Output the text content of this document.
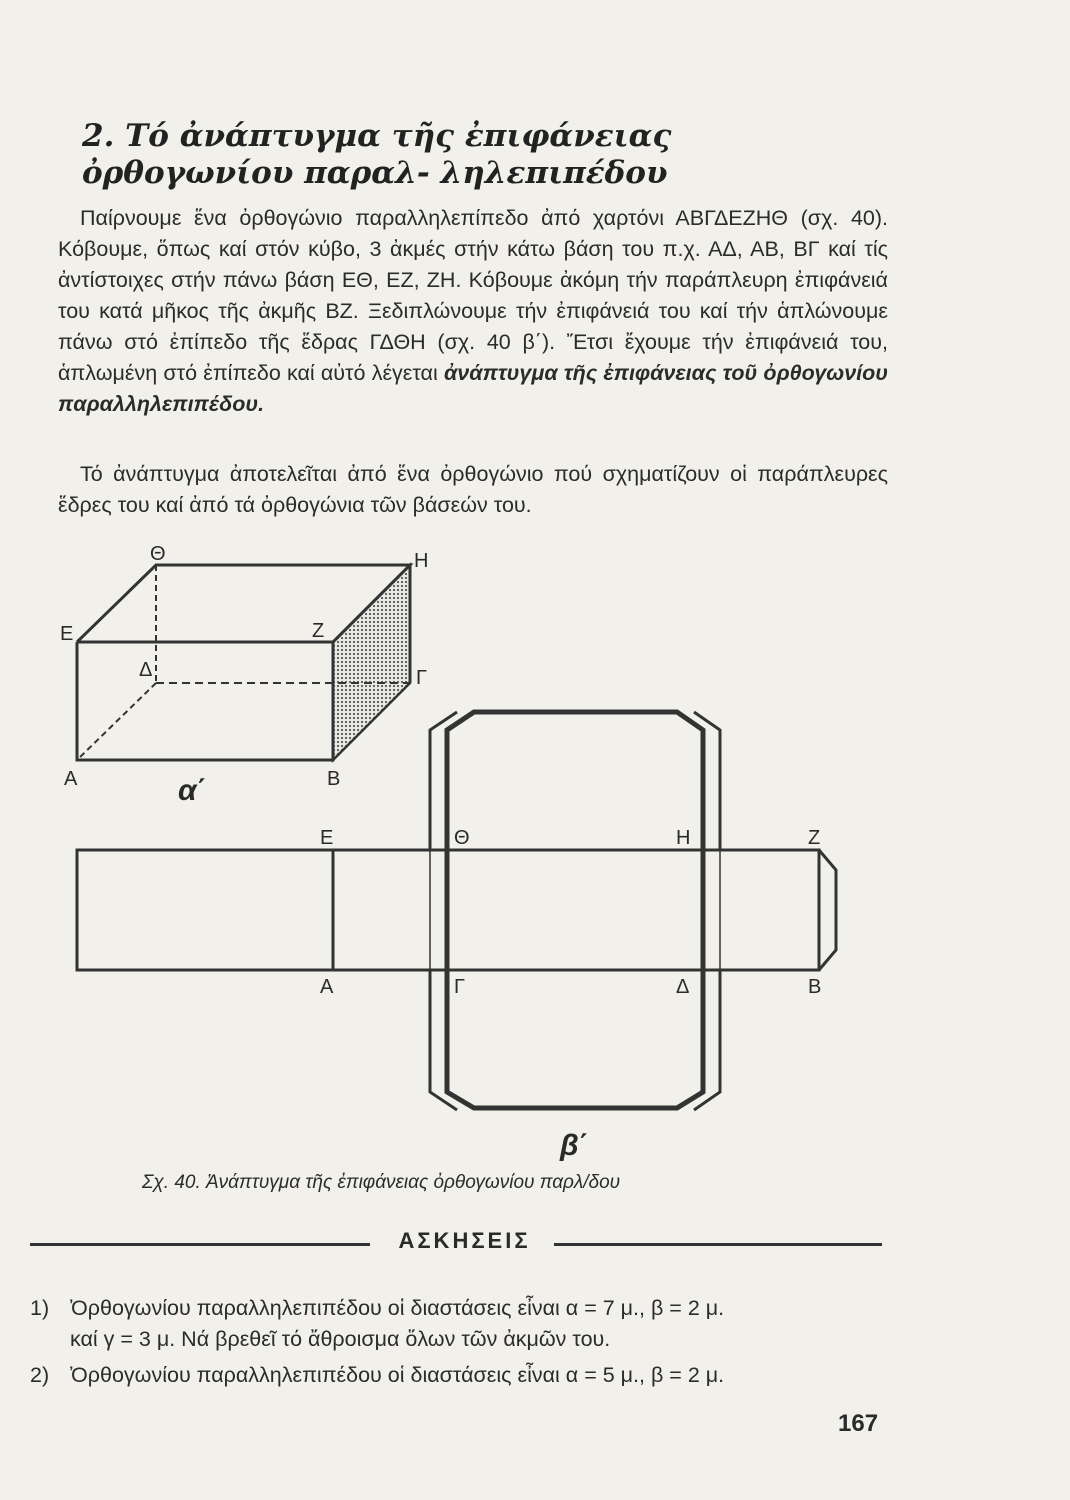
2. Τό ἀνάπτυγμα τῆς ἐπιφάνειας ὀρθογωνίου παραλ- ληλεπιπέδου
Παίρνουμε ἕνα ὀρθογώνιο παραλληλεπίπεδο ἀπό χαρτόνι ΑΒΓΔΕΖΗΘ (σχ. 40). Κόβουμε, ὅπως καί στόν κύβο, 3 ἀκμές στήν κάτω βάση του π.χ. ΑΔ, ΑΒ, ΒΓ καί τίς ἀντίστοιχες στήν πάνω βάση ΕΘ, ΕΖ, ΖΗ. Κόβουμε ἀκόμη τήν παράπλευρη ἐπιφάνειά του κατά μῆκος τῆς ἀκμῆς ΒΖ. Ξεδιπλώνουμε τήν ἐπιφάνειά του καί τήν ἁπλώνουμε πάνω στό ἐπίπεδο τῆς ἕδρας ΓΔΘΗ (σχ. 40 β΄). Ἔτσι ἔχουμε τήν ἐπιφάνειά του, ἁπλωμένη στό ἐπίπεδο καί αὐτό λέγεται ἀνάπτυγμα τῆς ἐπιφάνειας τοῦ ὀρθογωνίου παραλληλεπιπέδου.
Τό ἀνάπτυγμα ἀποτελεῖται ἀπό ἕνα ὀρθογώνιο πού σχηματίζουν οἱ παράπλευρες ἕδρες του καί ἀπό τά ὀρθογώνια τῶν βάσεών του.
Θ	Η
Ε	Ζ
Δ	Γ
Α	Β
α΄
Ε	Θ	Η	Ζ
Α	Γ	Δ	Β
β΄
Σχ. 40. Ἀνάπτυγμα τῆς ἐπιφάνειας ὀρθογωνίου παρλ/δου
ΑΣΚΗΣΕΙΣ
1) Ὀρθογωνίου παραλληλεπιπέδου οἱ διαστάσεις εἶναι α = 7 μ., β = 2 μ.
καί γ = 3 μ. Νά βρεθεῖ τό ἄθροισμα ὅλων τῶν ἀκμῶν του.
2) Ὀρθογωνίου παραλληλεπιπέδου οἱ διαστάσεις εἶναι α = 5 μ., β = 2 μ.
167
